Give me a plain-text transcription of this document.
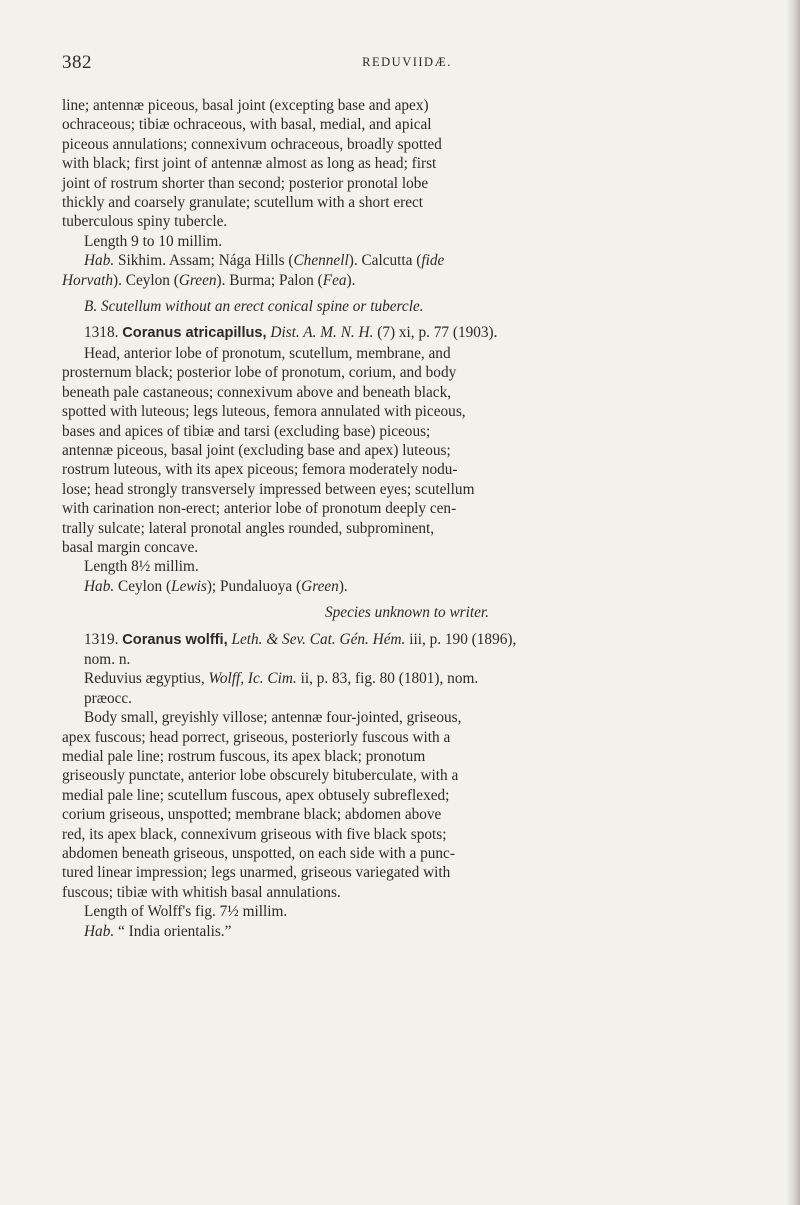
382	REDUVIIDÆ.

line; antennæ piceous, basal joint (excepting base and apex)

ochraceous; tibiæ ochraceous, with basal, medial, and apical

piceous annulations; connexivum ochraceous, broadly spotted

with black; first joint of antennæ almost as long as head; first

joint of rostrum shorter than second; posterior pronotal lobe

thickly and coarsely granulate; scutellum with a short erect

tuberculous spiny tubercle.

Length 9 to 10 millim.

Hab. Sikhim. Assam; Nága Hills (Chennell). Calcutta (fide

Horvath). Ceylon (Green). Burma; Palon (Fea).

B. Scutellum without an erect conical spine or tubercle.

1318. Coranus atricapillus, Dist. A. M. N. H. (7) xi, p. 77 (1903).

Head, anterior lobe of pronotum, scutellum, membrane, and

prosternum black; posterior lobe of pronotum, corium, and body

beneath pale castaneous; connexivum above and beneath black,

spotted with luteous; legs luteous, femora annulated with piceous,

bases and apices of tibiæ and tarsi (excluding base) piceous;

antennæ piceous, basal joint (excluding base and apex) luteous;

rostrum luteous, with its apex piceous; femora moderately nodu-

lose; head strongly transversely impressed between eyes; scutellum

with carination non-erect; anterior lobe of pronotum deeply cen-

trally sulcate; lateral pronotal angles rounded, subprominent,

basal margin concave.

Length 8½ millim.

Hab. Ceylon (Lewis); Pundaluoya (Green).

Species unknown to writer.

1319. Coranus wolffi, Leth. & Sev. Cat. Gén. Hém. iii, p. 190 (1896),

nom. n.

Reduvius ægyptius, Wolff, Ic. Cim. ii, p. 83, fig. 80 (1801), nom.

præocc.

Body small, greyishly villose; antennæ four-jointed, griseous,

apex fuscous; head porrect, griseous, posteriorly fuscous with a

medial pale line; rostrum fuscous, its apex black; pronotum

griseously punctate, anterior lobe obscurely bituberculate, with a

medial pale line; scutellum fuscous, apex obtusely subreflexed;

corium griseous, unspotted; membrane black; abdomen above

red, its apex black, connexivum griseous with five black spots;

abdomen beneath griseous, unspotted, on each side with a punc-

tured linear impression; legs unarmed, griseous variegated with

fuscous; tibiæ with whitish basal annulations.

Length of Wolff's fig. 7½ millim.

Hab. “ India orientalis.”
